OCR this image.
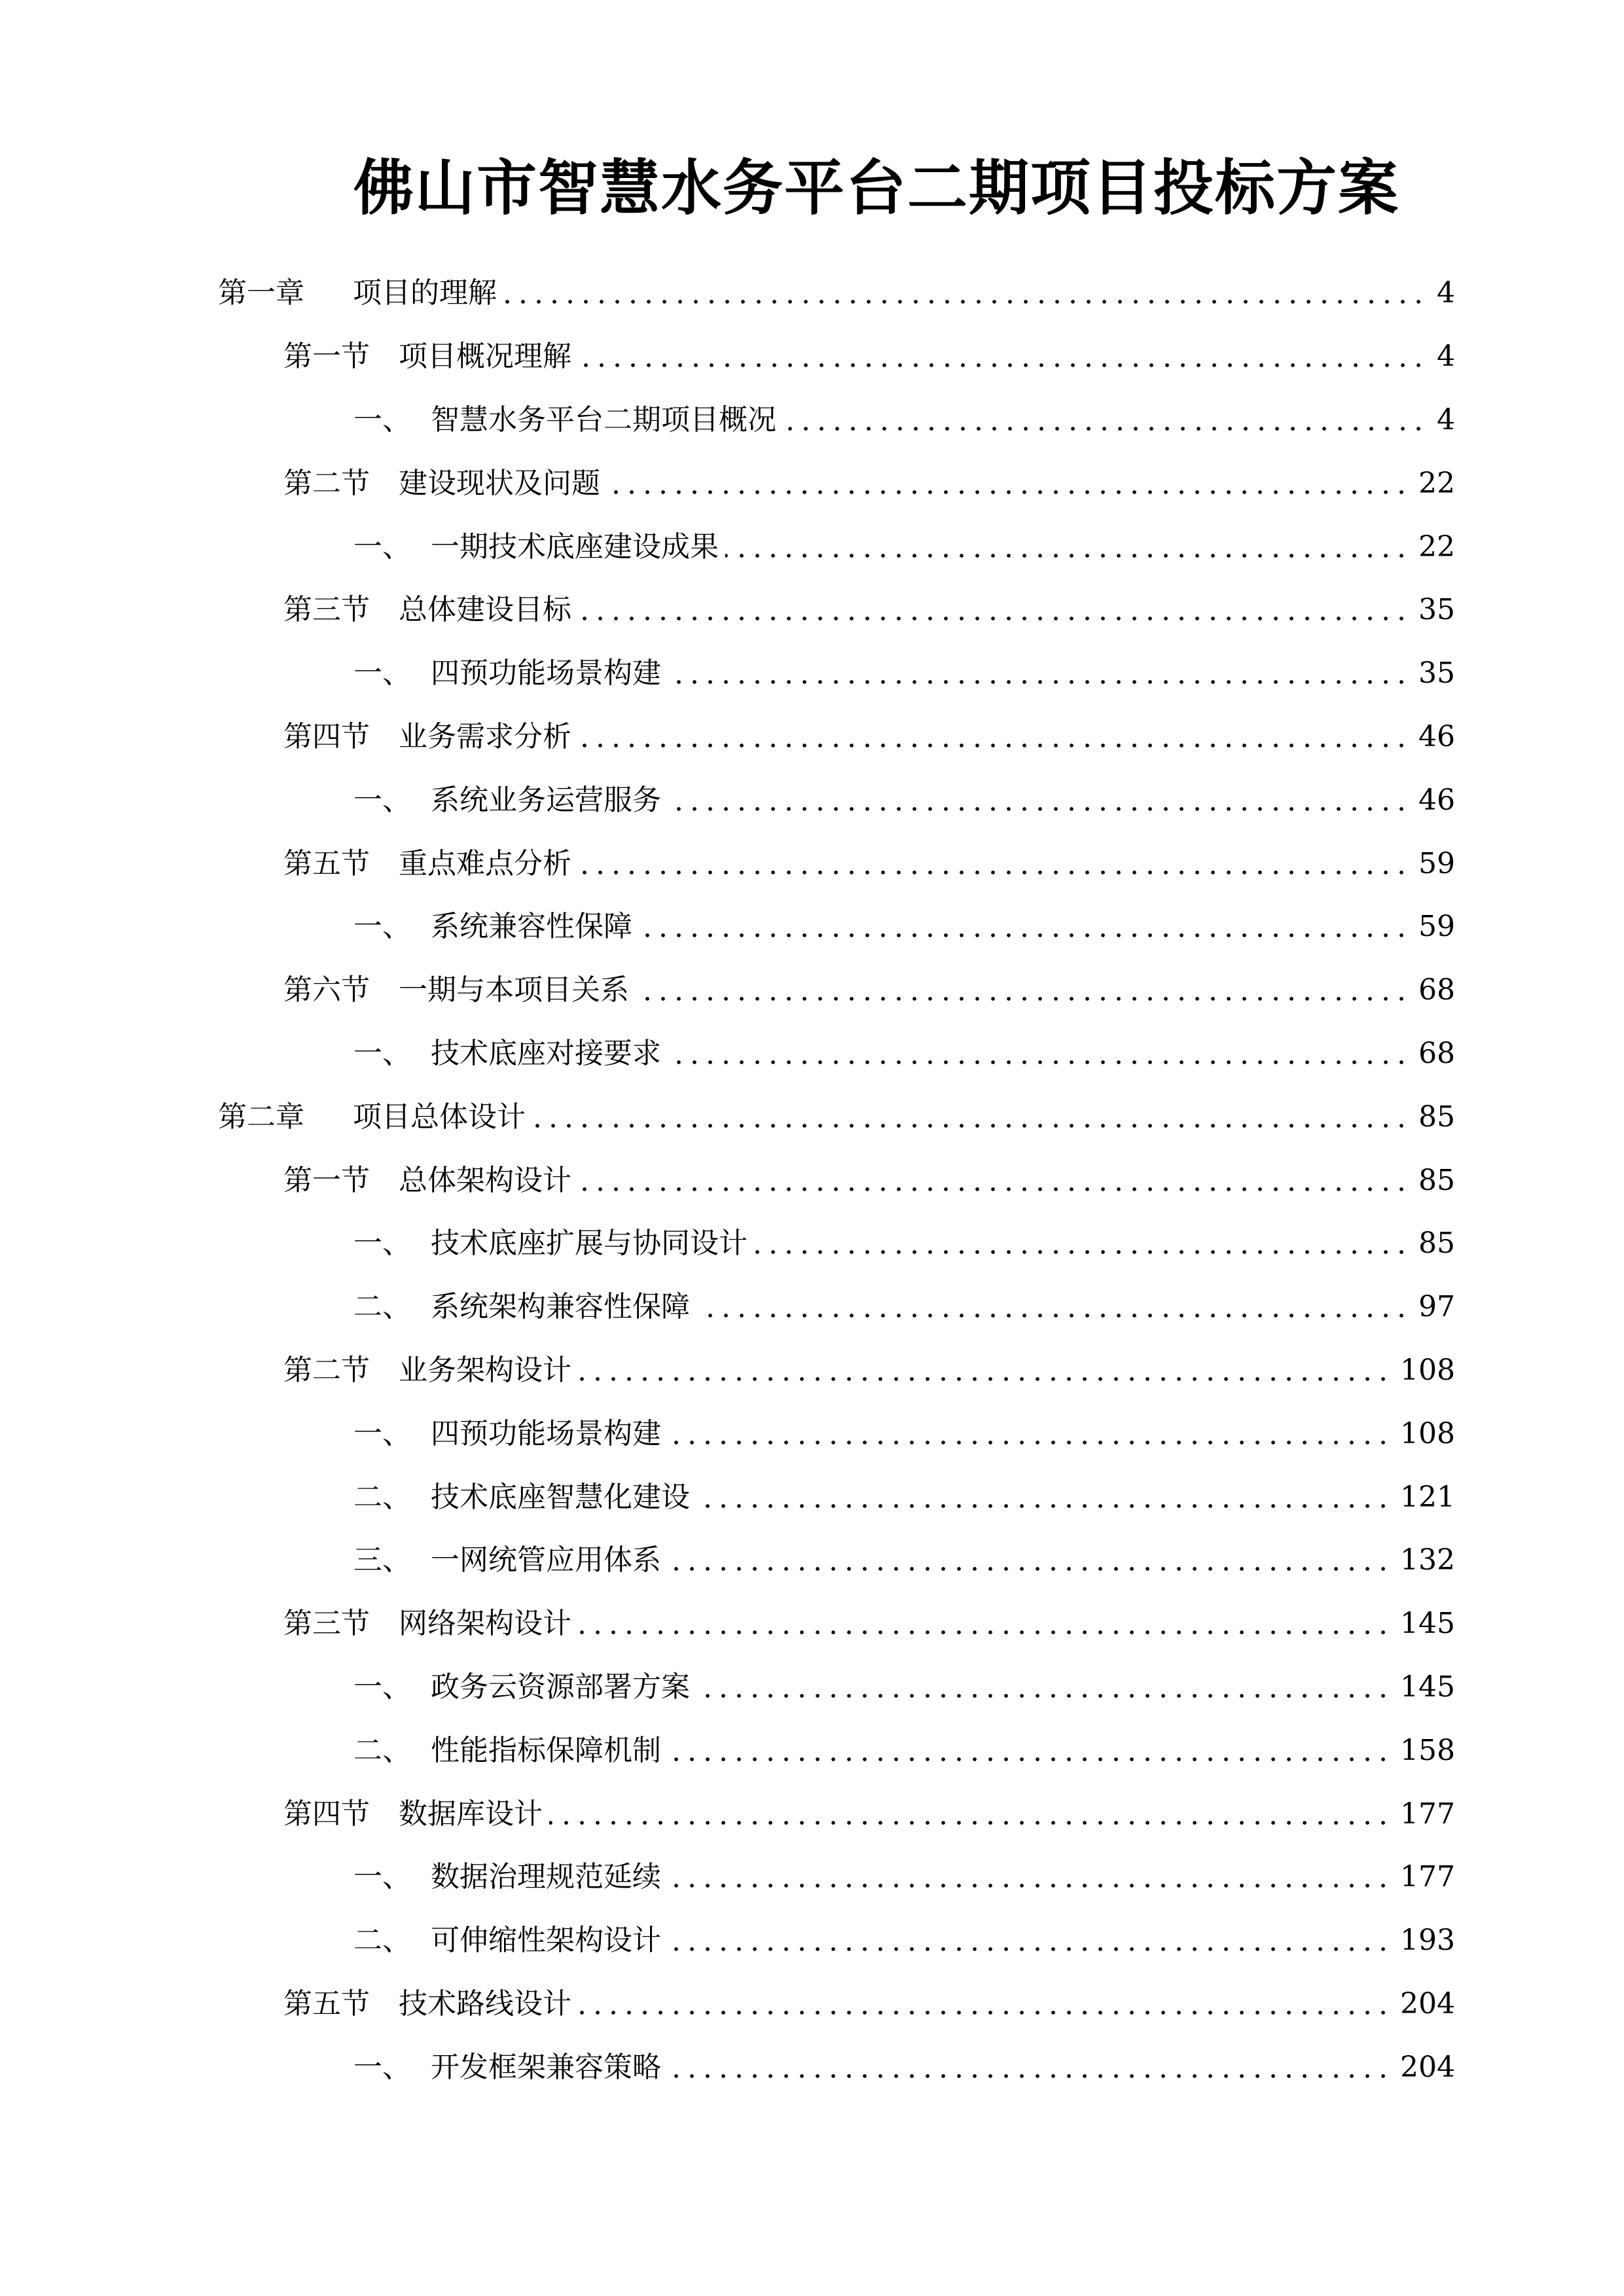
佛山市智慧水务平台二期项目投标方案
第一章	项目的理解	4
第一节	项目概况理解	4
一、 智慧水务平台二期项目概况	4
第二节	建设现状及问题	22
一、 一期技术底座建设成果	22
第三节	总体建设目标	35
一、 四预功能场景构建	35
第四节	业务需求分析	46
一、 系统业务运营服务	46
第五节	重点难点分析	59
一、 系统兼容性保障	59
第六节	一期与本项目关系	68
一、 技术底座对接要求	68
第二章	项目总体设计	85
第一节	总体架构设计	85
一、 技术底座扩展与协同设计	85
二、 系统架构兼容性保障	97
第二节	业务架构设计	108
一、 四预功能场景构建	108
二、 技术底座智慧化建设	121
三、 一网统管应用体系	132
第三节	网络架构设计	145
一、 政务云资源部署方案	145
二、 性能指标保障机制	158
第四节	数据库设计	177
一、 数据治理规范延续	177
二、 可伸缩性架构设计	193
第五节	技术路线设计	204
一、 开发框架兼容策略	204
